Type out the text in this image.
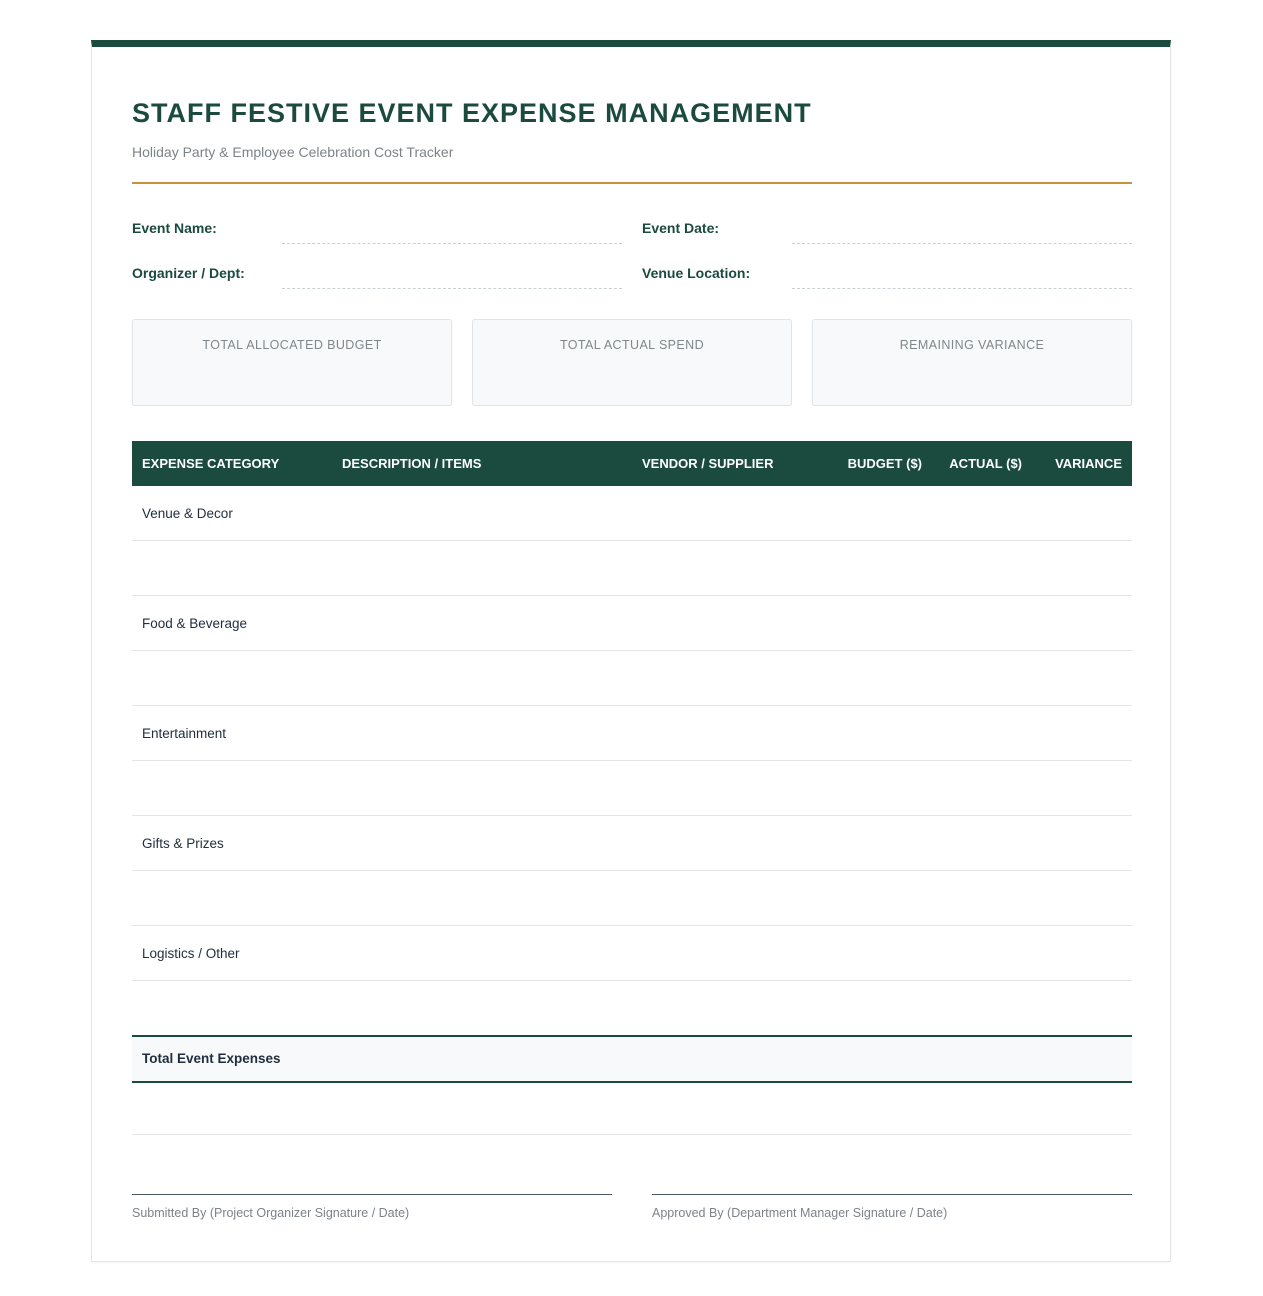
STAFF FESTIVE EVENT EXPENSE MANAGEMENT
Holiday Party & Employee Celebration Cost Tracker
Event Name:	Event Date:
Organizer / Dept:	Venue Location:
TOTAL ALLOCATED BUDGET	TOTAL ACTUAL SPEND	REMAINING VARIANCE
EXPENSE CATEGORY	DESCRIPTION / ITEMS	VENDOR / SUPPLIER	BUDGET ($) ACTUAL ($)	VARIANCE
Venue & Decor
Food & Beverage
Entertainment
Gifts & Prizes
Logistics / Other
Total Event Expenses
Submitted By (Project Organizer Signature / Date)	Approved By (Department Manager Signature / Date)
